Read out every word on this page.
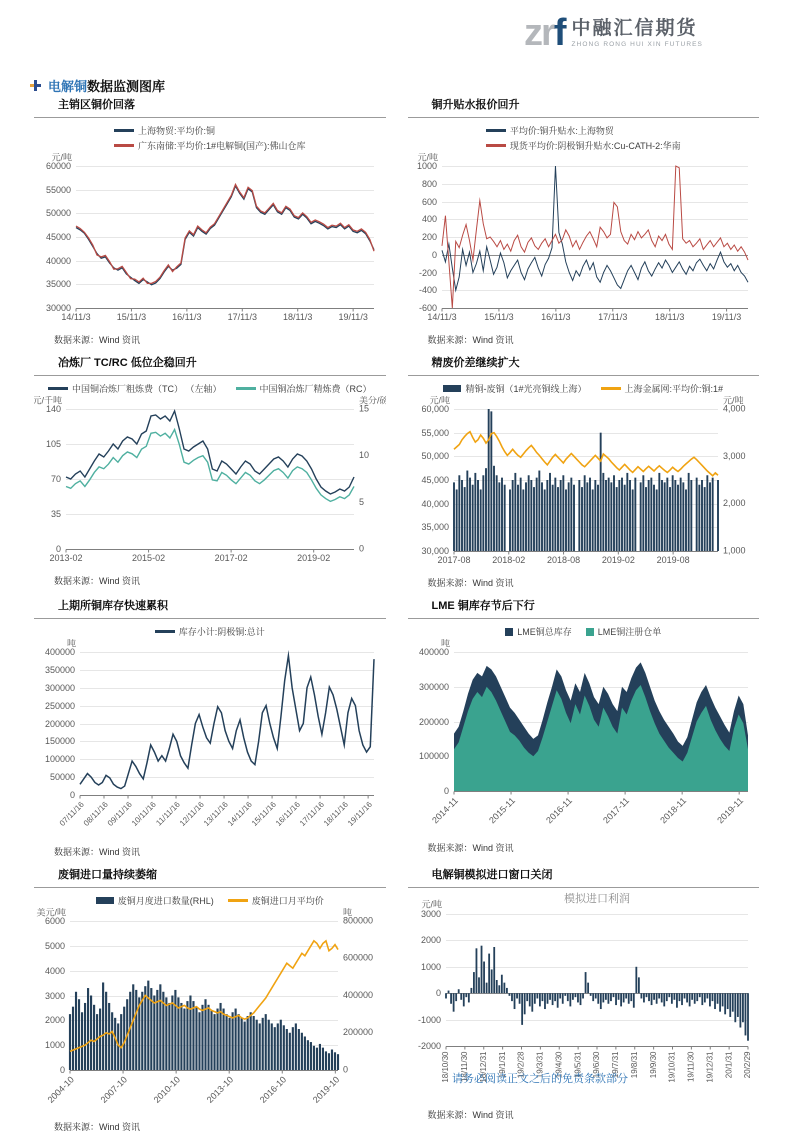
zrf 中融汇信期货
ZHONG RONG HUI XIN FUTURES
电解铜数据监测图库
主销区铜价回落
上海物贸:平均价:铜
广东南储:平均价:1#电解铜(国产):佛山仓库

数据来源：Wind 资讯

铜升贴水报价回升
平均价:铜升贴水:上海物贸
现货平均价:阴极铜升贴水:Cu-CATH-2:华南

数据来源：Wind 资讯

冶炼厂 TC/RC 低位企稳回升
中国铜冶炼厂粗炼费（TC） （左轴）	中国铜冶炼厂精炼费（RC）

数据来源：Wind 资讯

精废价差继续扩大
精铜-废铜（1#光亮铜线上海）	上海金属网:平均价:铜:1#

数据来源：Wind 资讯

上期所铜库存快速累积
库存小计:阴极铜:总计

数据来源：Wind 资讯

LME 铜库存节后下行
LME铜总库存	LME铜注册仓单

数据来源：Wind 资讯

废铜进口量持续萎缩
废铜月度进口数量(RHL)	废铜进口月平均价

数据来源：Wind 资讯

电解铜模拟进口窗口关闭

数据来源：Wind 资讯

请务必阅读正文之后的免责条款部分
